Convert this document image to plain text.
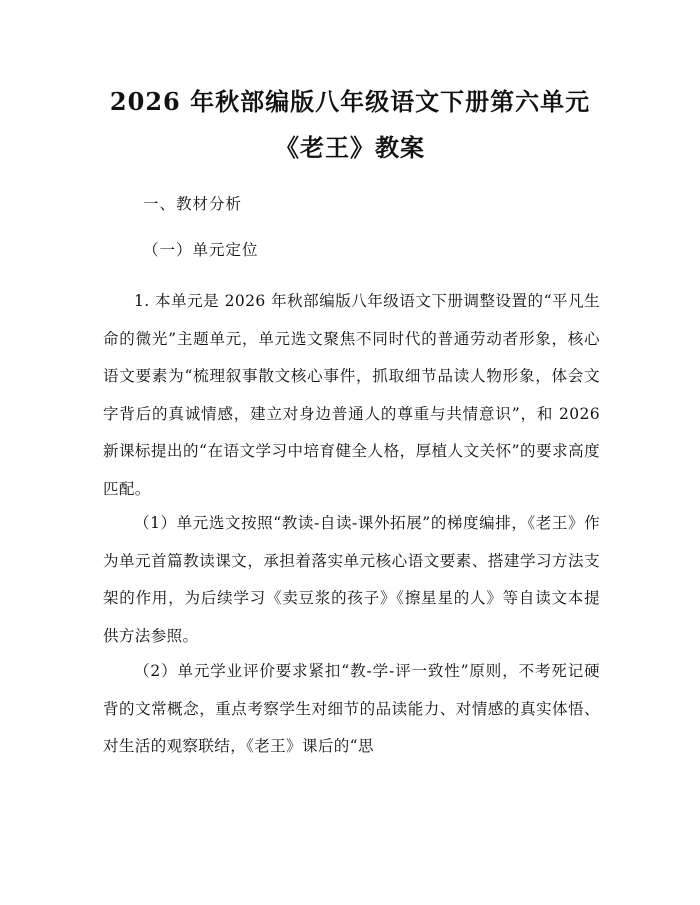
2026 年秋部编版八年级语文下册第六单元
《老王》教案
一、教材分析
（一）单元定位

1. 本单元是 2026 年秋部编版八年级语文下册调整设置的“平凡生命的微光”主题单元，单元选文聚焦不同时代的普通劳动者形象，核心语文要素为“梳理叙事散文核心事件，抓取细节品读人物形象，体会文字背后的真诚情感，建立对身边普通人的尊重与共情意识”，和 2026 新课标提出的“在语文学习中培育健全人格，厚植人文关怀”的要求高度匹配。

（1）单元选文按照“教读-自读-课外拓展”的梯度编排，《老王》作为单元首篇教读课文，承担着落实单元核心语文要素、搭建学习方法支架的作用，为后续学习《卖豆浆的孩子》《擦星星的人》等自读文本提供方法参照。

（2）单元学业评价要求紧扣“教-学-评一致性”原则，不考死记硬背的文常概念，重点考察学生对细节的品读能力、对情感的真实体悟、对生活的观察联结，《老王》课后的“思
